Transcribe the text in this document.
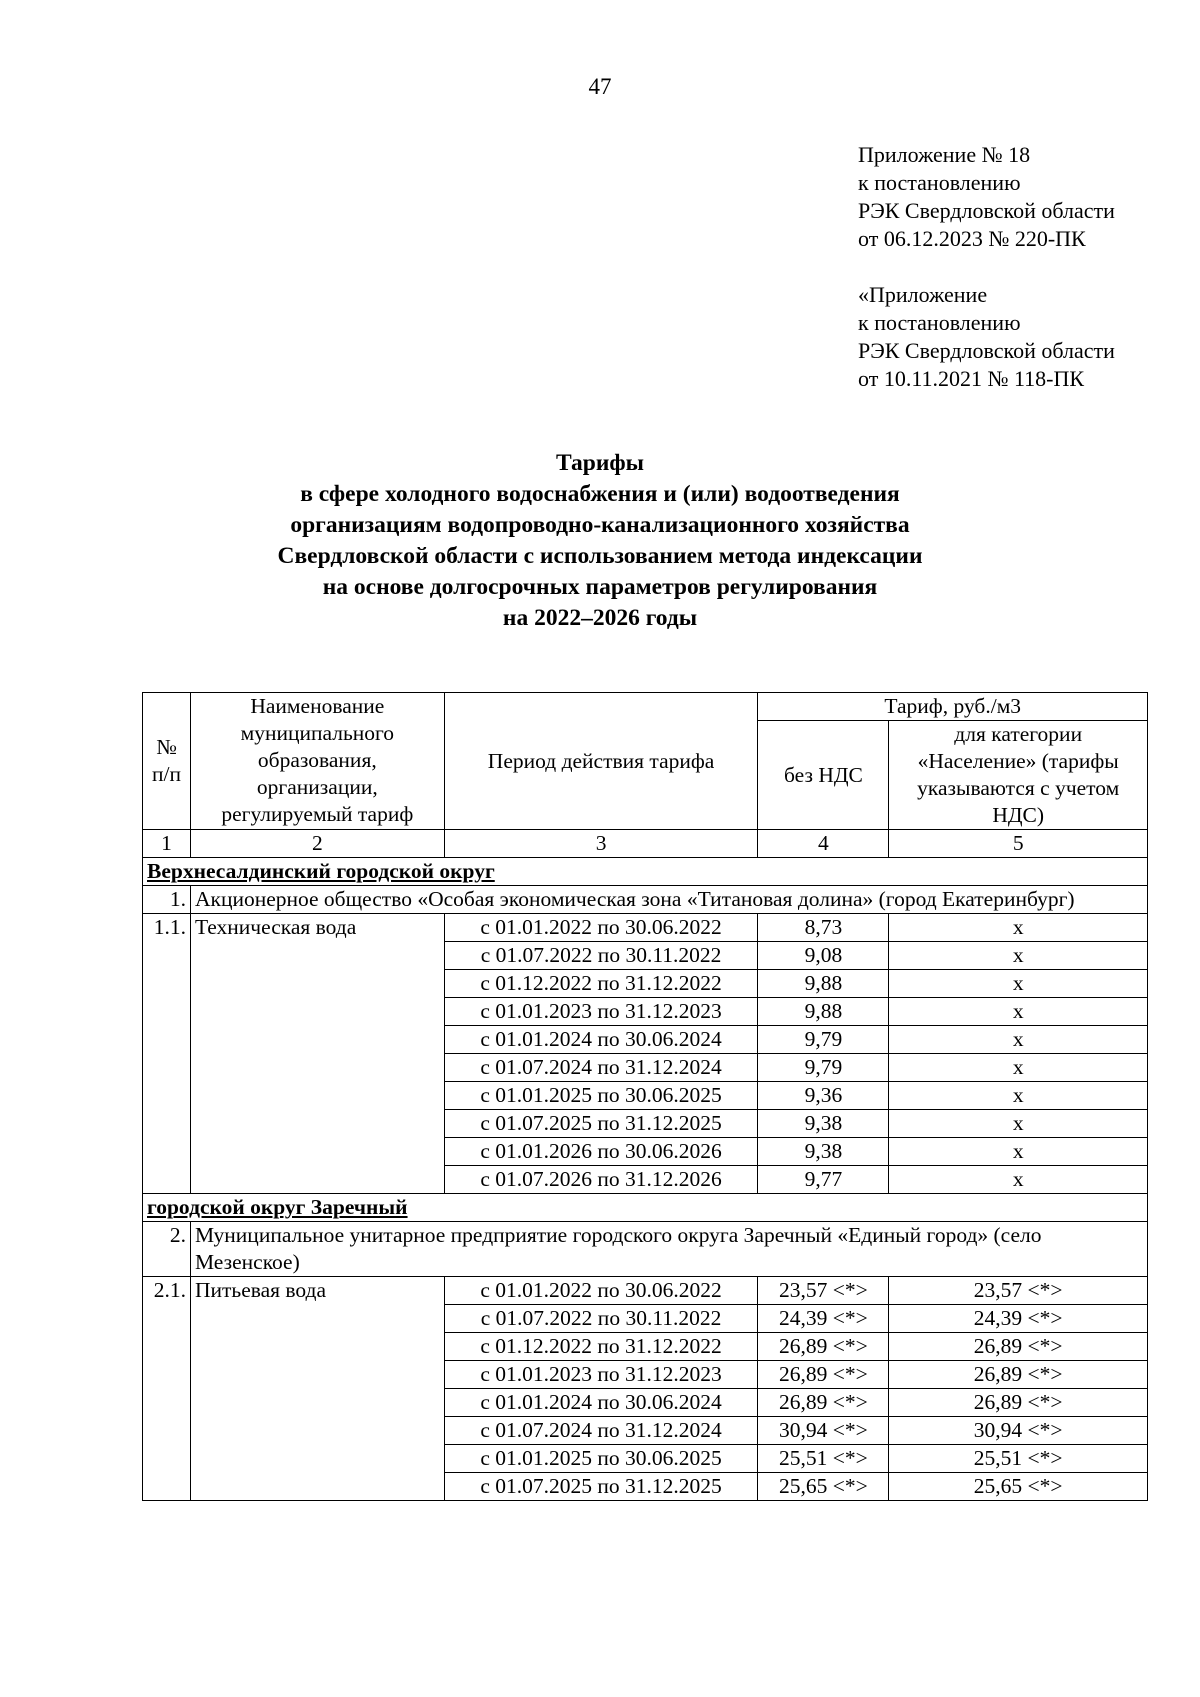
47
Приложение № 18
к постановлению
РЭК Свердловской области
от 06.12.2023 № 220-ПК
«Приложение
к постановлению
РЭК Свердловской области
от 10.11.2021 № 118-ПК
Тарифы
в сфере холодного водоснабжения и (или) водоотведения
организациям водопроводно-канализационного хозяйства
Свердловской области с использованием метода индексации
на основе долгосрочных параметров регулирования
на 2022–2026 годы
№ п/п	Наименование муниципального образования, организации, регулируемый тариф	Период действия тарифа	Тариф, руб./м3	
			без НДС	для категории «Население» (тарифы указываются с учетом НДС)
1	2	3	4	5
Верхнесалдинский городской округ				
1.	Акционерное общество «Особая экономическая зона «Титановая долина» (город Екатеринбург)			
1.1.	Техническая вода	с 01.01.2022 по 30.06.2022	8,73	х
		с 01.07.2022 по 30.11.2022	9,08	х
		с 01.12.2022 по 31.12.2022	9,88	х
		с 01.01.2023 по 31.12.2023	9,88	х
		с 01.01.2024 по 30.06.2024	9,79	х
		с 01.07.2024 по 31.12.2024	9,79	х
		с 01.01.2025 по 30.06.2025	9,36	х
		с 01.07.2025 по 31.12.2025	9,38	х
		с 01.01.2026 по 30.06.2026	9,38	х
		с 01.07.2026 по 31.12.2026	9,77	х
городской округ Заречный				
2.	Муниципальное унитарное предприятие городского округа Заречный «Единый город» (село Мезенское)			
2.1.	Питьевая вода	с 01.01.2022 по 30.06.2022	23,57 <*>	23,57 <*>
		с 01.07.2022 по 30.11.2022	24,39 <*>	24,39 <*>
		с 01.12.2022 по 31.12.2022	26,89 <*>	26,89 <*>
		с 01.01.2023 по 31.12.2023	26,89 <*>	26,89 <*>
		с 01.01.2024 по 30.06.2024	26,89 <*>	26,89 <*>
		с 01.07.2024 по 31.12.2024	30,94 <*>	30,94 <*>
		с 01.01.2025 по 30.06.2025	25,51 <*>	25,51 <*>
		с 01.07.2025 по 31.12.2025	25,65 <*>	25,65 <*>
